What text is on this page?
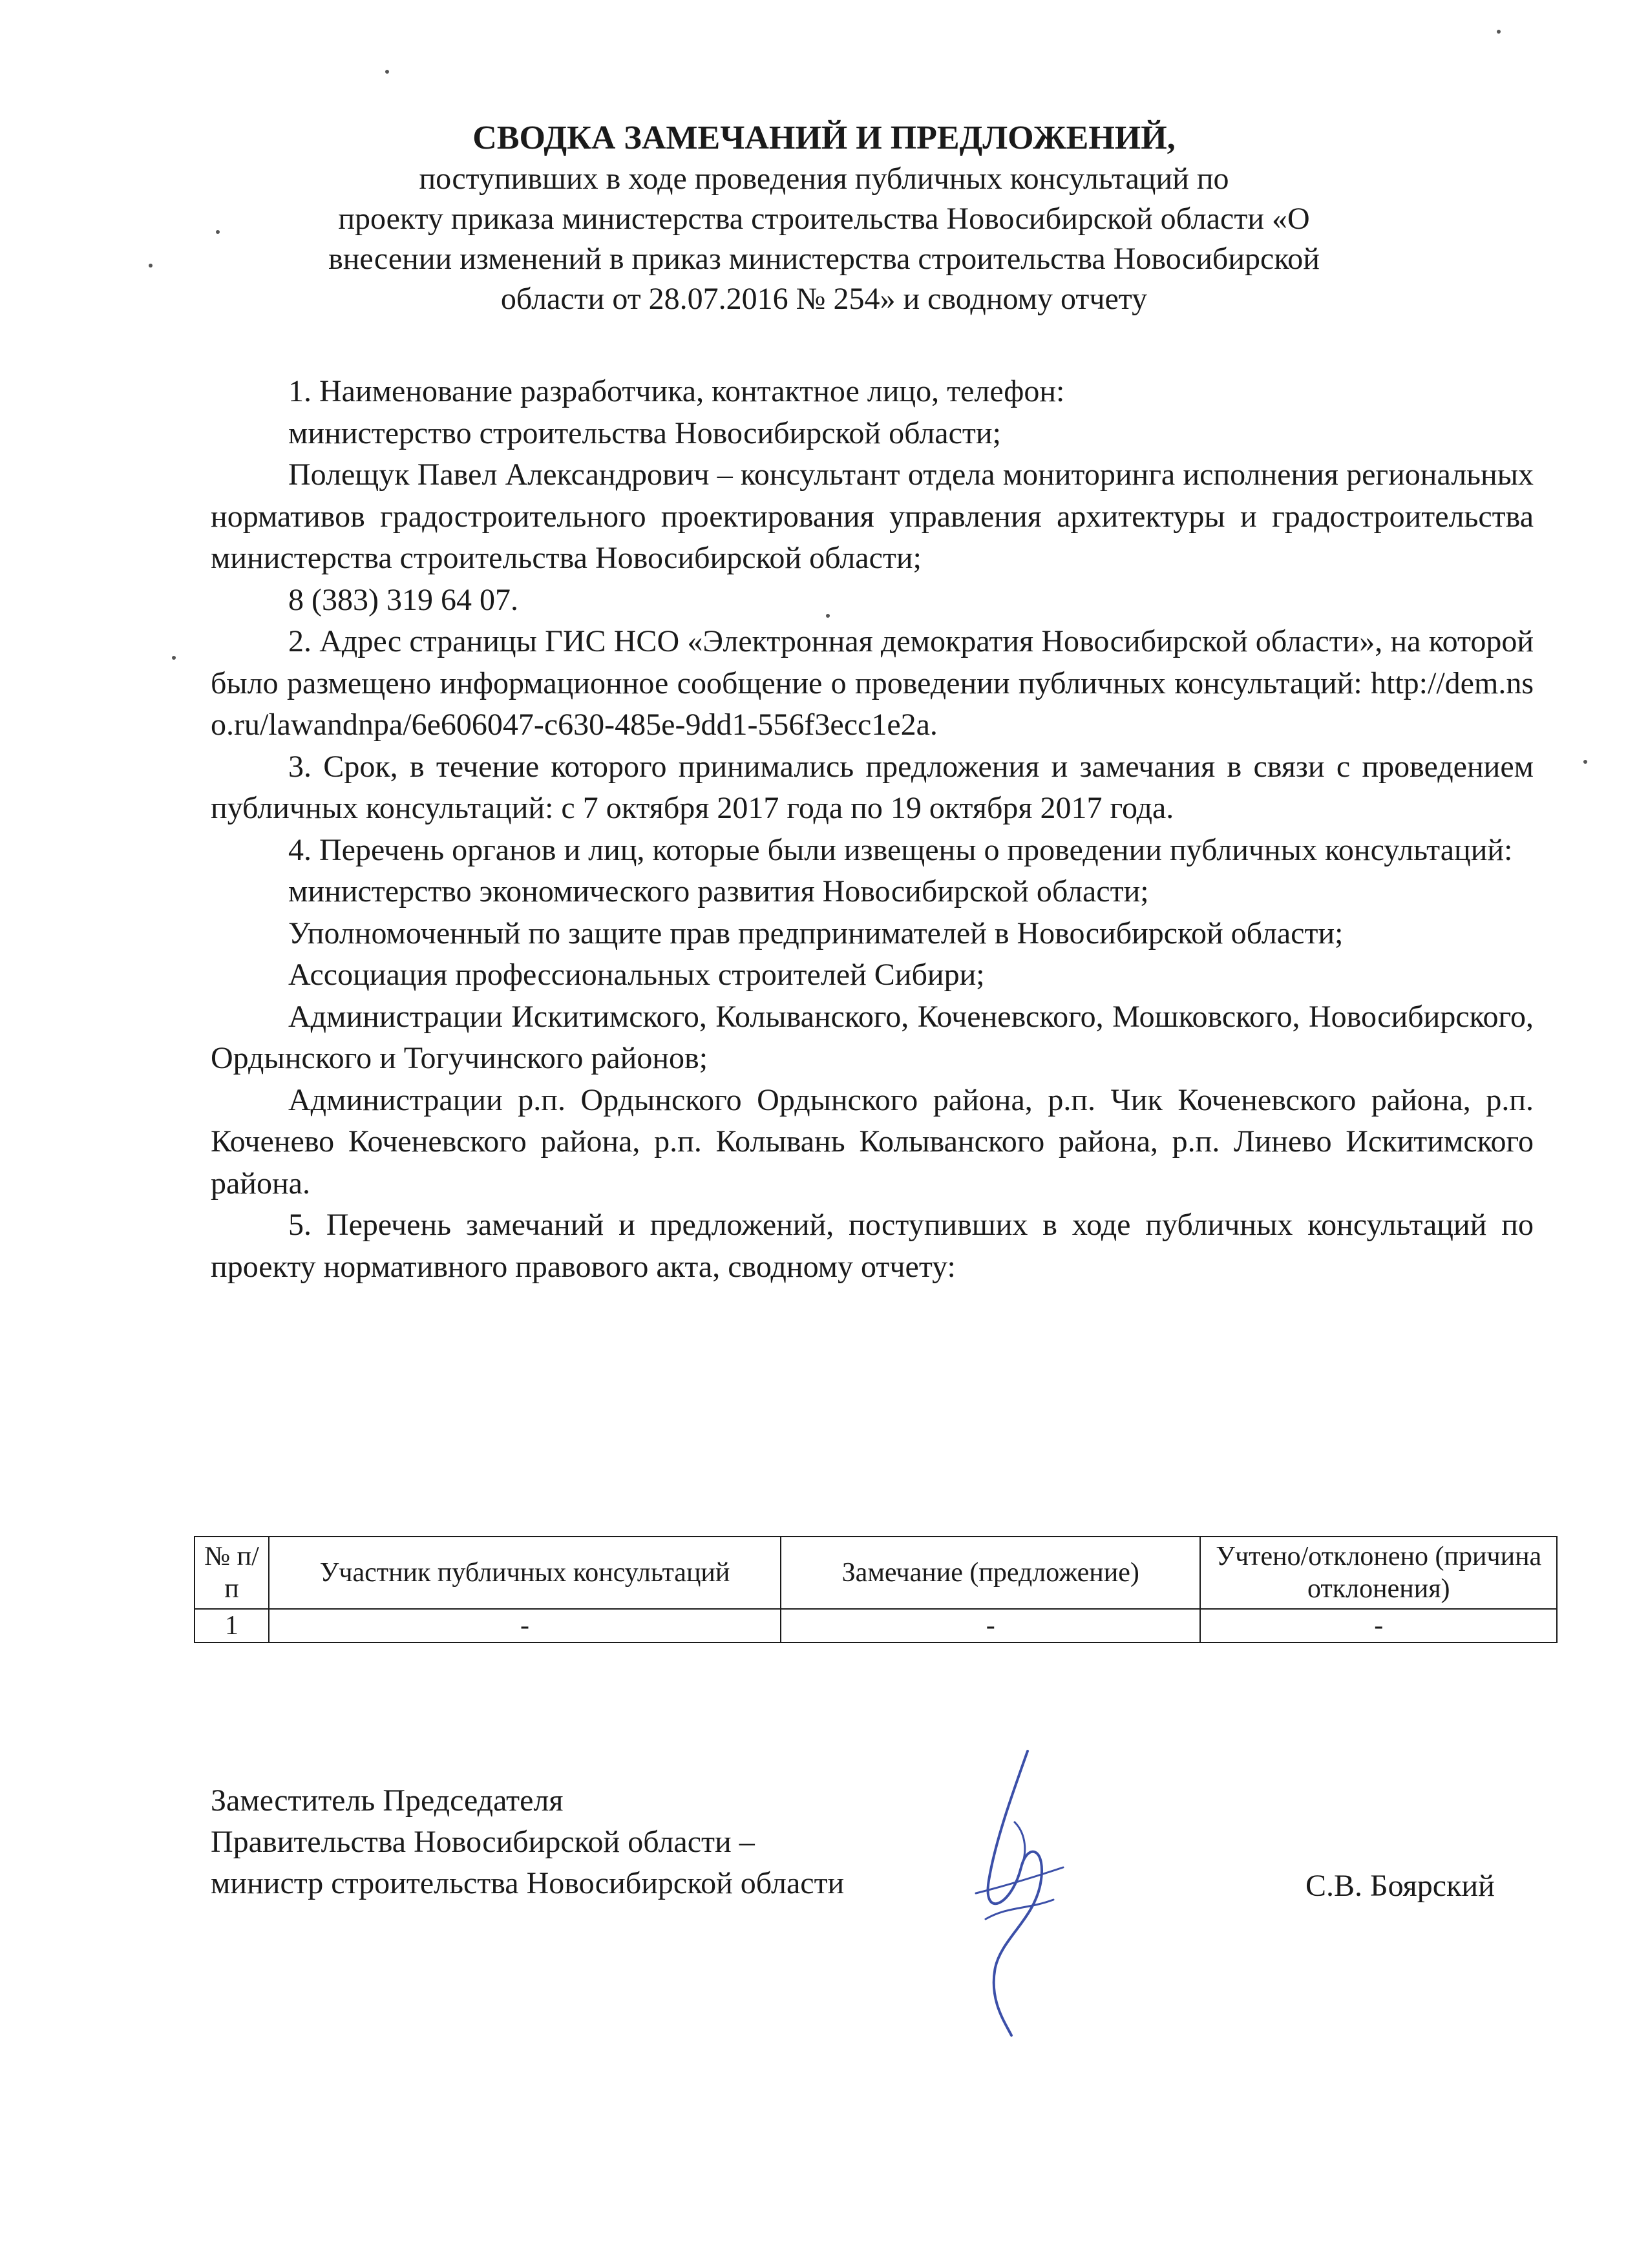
СВОДКА ЗАМЕЧАНИЙ И ПРЕДЛОЖЕНИЙ,
поступивших в ходе проведения публичных консультаций по
проекту приказа министерства строительства Новосибирской области «О
внесении изменений в приказ министерства строительства Новосибирской
области от 28.07.2016 № 254» и сводному отчету

1. Наименование разработчика, контактное лицо, телефон:

министерство строительства Новосибирской области;

Полещук Павел Александрович – консультант отдела мониторинга исполнения региональных нормативов градостроительного проектирования управления архитектуры и градостроительства министерства строительства Новосибирской области;

8 (383) 319 64 07.

2. Адрес страницы ГИС НСО «Электронная демократия Новосибирской области», на которой было размещено информационное сообщение о проведении публичных консультаций: http://dem.nso.ru/lawandnpa/6e606047-c630-485e-9dd1-556f3ecc1e2a.

3. Срок, в течение которого принимались предложения и замечания в связи с проведением публичных консультаций: с 7 октября 2017 года по 19 октября 2017 года.

4. Перечень органов и лиц, которые были извещены о проведении публичных консультаций:

министерство экономического развития Новосибирской области;

Уполномоченный по защите прав предпринимателей в Новосибирской области;

Ассоциация профессиональных строителей Сибири;

Администрации Искитимского, Колыванского, Коченевского, Мошковского, Новосибирского, Ордынского и Тогучинского районов;

Администрации р.п. Ордынского Ордынского района, р.п. Чик Коченевского района, р.п. Коченево Коченевского района, р.п. Колывань Колыванского района, р.п. Линево Искитимского района.

5. Перечень замечаний и предложений, поступивших в ходе публичных консультаций по проекту нормативного правового акта, сводному отчету:

№ п/п	Участник публичных консультаций	Замечание (предложение)	Учтено/отклонено (причина отклонения)
1	-	-	-
Заместитель Председателя
Правительства Новосибирской области –
министр строительства Новосибирской области	С.В. Боярский
